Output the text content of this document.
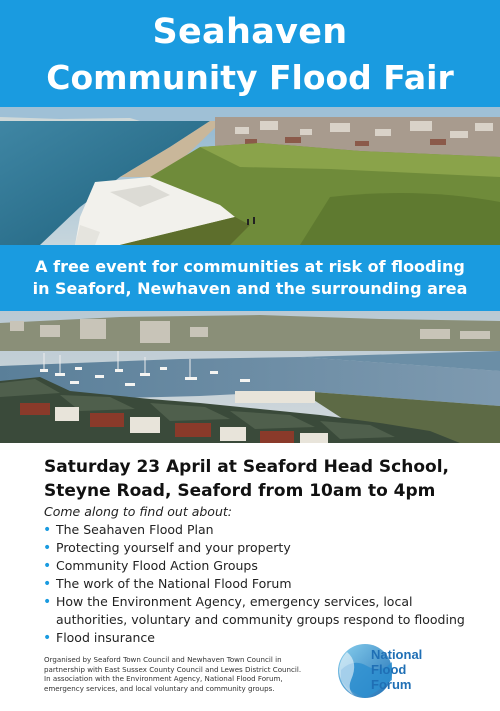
Seahaven
Community Flood Fair
A free event for communities at risk of flooding
in Seaford, Newhaven and the surrounding area
Saturday 23 April at Seaford Head School,
Steyne Road, Seaford from 10am to 4pm
Come along to find out about:
• The Seahaven Flood Plan
• Protecting yourself and your property
• Community Flood Action Groups
• The work of the National Flood Forum
• How the Environment Agency, emergency services, local authorities, voluntary and community groups respond to flooding
• Flood insurance
Organised by Seaford Town Council and Newhaven Town Council in
partnership with East Sussex County Council and Lewes District Council.
In association with the Environment Agency, National Flood Forum,
emergency services, and local voluntary and community groups.
National
Flood
Forum
